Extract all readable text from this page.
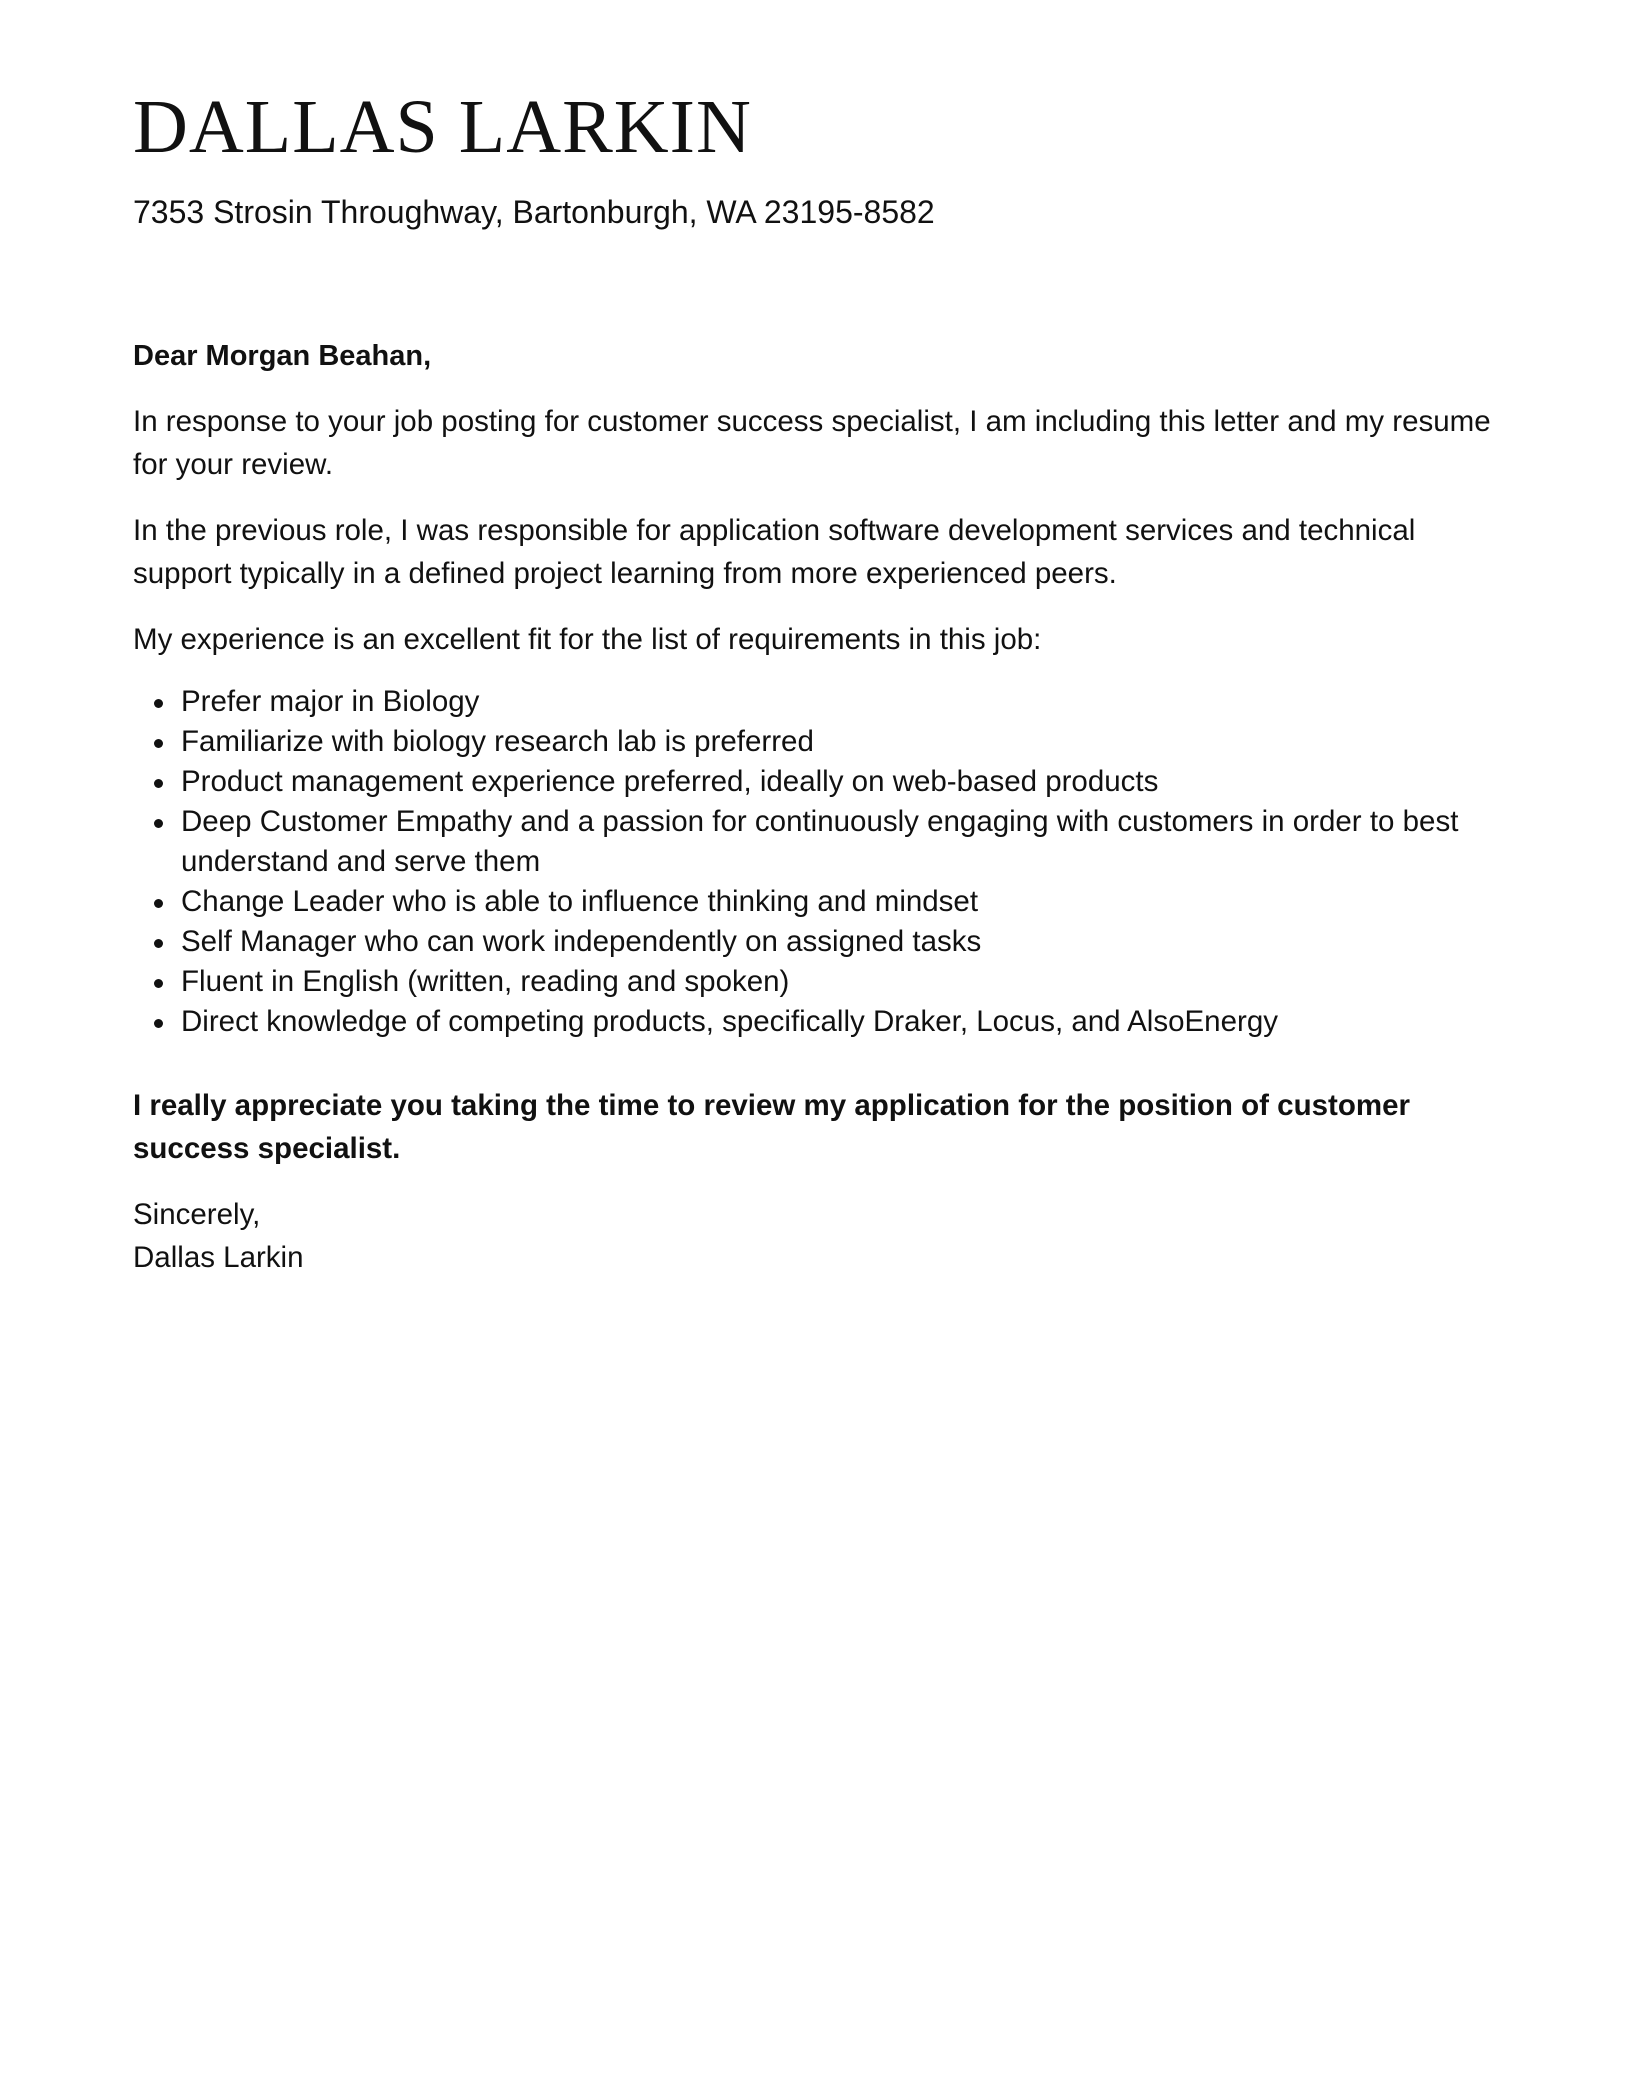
DALLAS LARKIN
7353 Strosin Throughway, Bartonburgh, WA 23195-8582
Dear Morgan Beahan,
In response to your job posting for customer success specialist, I am including this letter and my resume for your review.
In the previous role, I was responsible for application software development services and technical support typically in a defined project learning from more experienced peers.
My experience is an excellent fit for the list of requirements in this job:
Prefer major in Biology
Familiarize with biology research lab is preferred
Product management experience preferred, ideally on web-based products
Deep Customer Empathy and a passion for continuously engaging with customers in order to best understand and serve them
Change Leader who is able to influence thinking and mindset
Self Manager who can work independently on assigned tasks
Fluent in English (written, reading and spoken)
Direct knowledge of competing products, specifically Draker, Locus, and AlsoEnergy
I really appreciate you taking the time to review my application for the position of customer success specialist.
Sincerely,
Dallas Larkin
